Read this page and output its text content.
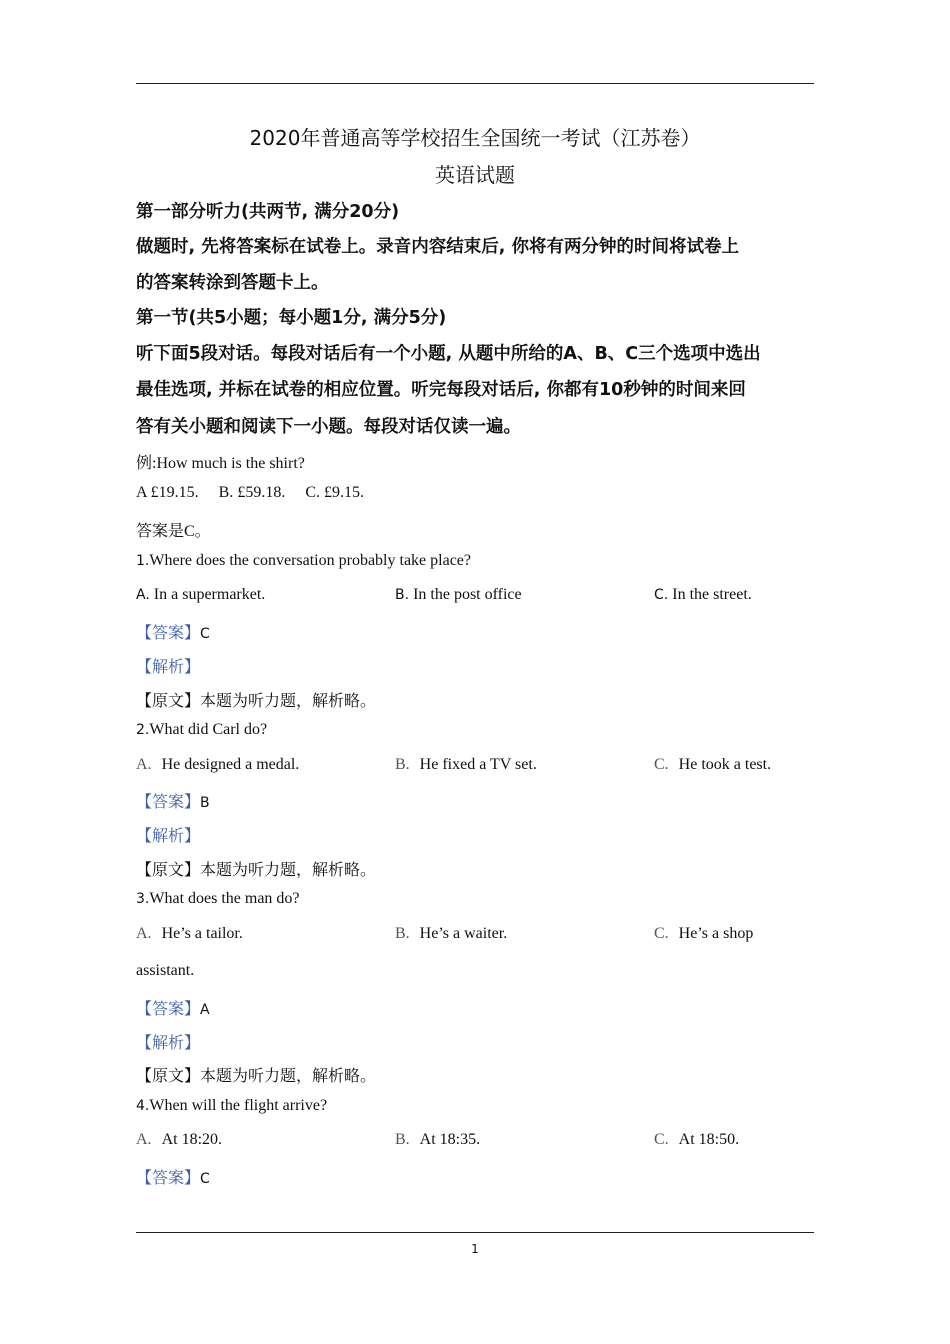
2020年普通高等学校招生全国统一考试（江苏卷）
英语试题
第一部分听力(共两节, 满分20分)
做题时, 先将答案标在试卷上。录音内容结束后, 你将有两分钟的时间将试卷上
的答案转涂到答题卡上。
第一节(共5小题；每小题1分, 满分5分)
听下面5段对话。每段对话后有一个小题, 从题中所给的A、B、C三个选项中选出
最佳选项, 并标在试卷的相应位置。听完每段对话后, 你都有10秒钟的时间来回
答有关小题和阅读下一小题。每段对话仅读一遍。
例:How much is the shirt?
A £19.15.     B. £59.18.     C. £9.15.
答案是C。
1.Where does the conversation probably take place?
A. In a supermarket.	B. In the post office	C. In the street.
【答案】C
【解析】
【原文】本题为听力题，解析略。
2.What did Carl do?
A. He designed a medal.	B. He fixed a TV set.	C. He took a test.
【答案】B
【解析】
【原文】本题为听力题，解析略。
3.What does the man do?
A. He’s a tailor.	B. He’s a waiter.	C. He’s a shop
assistant.
【答案】A
【解析】
【原文】本题为听力题，解析略。
4.When will the flight arrive?
A. At 18:20.	B. At 18:35.	C. At 18:50.
【答案】C
1
